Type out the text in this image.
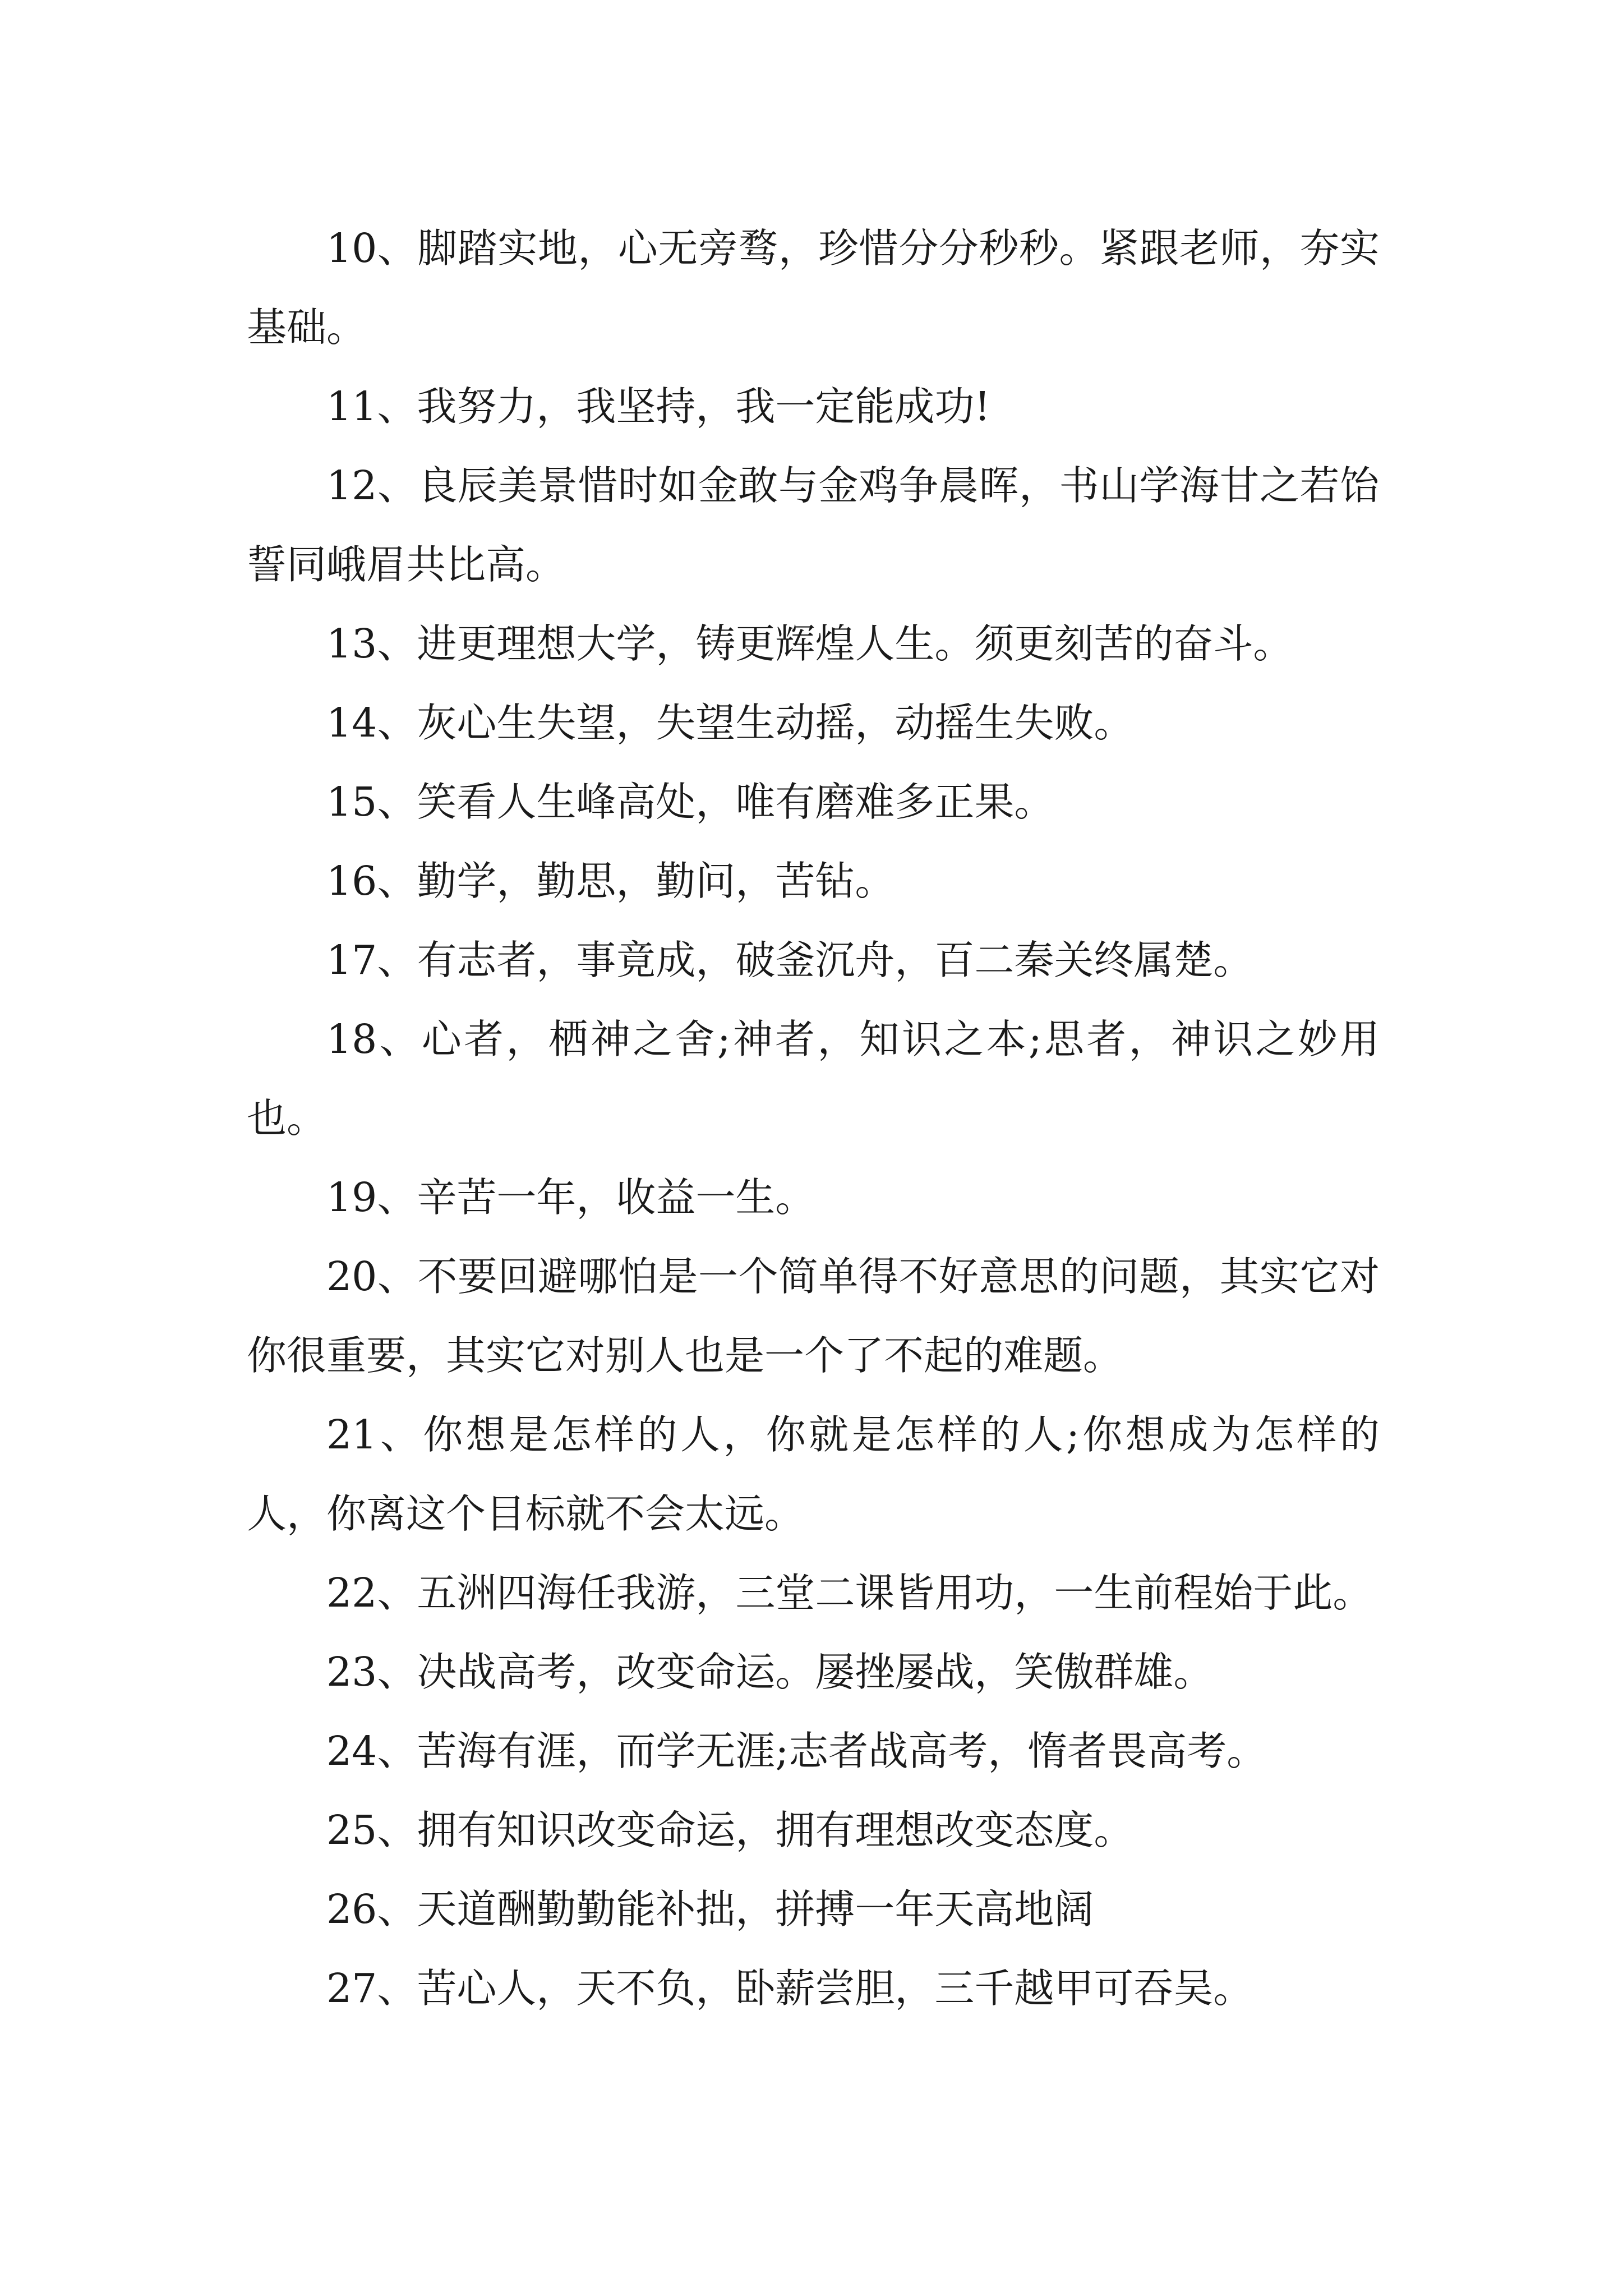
10、脚踏实地，心无旁骛，珍惜分分秒秒。紧跟老师，夯实基础。

11、我努力，我坚持，我一定能成功!

12、良辰美景惜时如金敢与金鸡争晨晖，书山学海甘之若饴誓同峨眉共比高。

13、进更理想大学，铸更辉煌人生。须更刻苦的奋斗。

14、灰心生失望，失望生动摇，动摇生失败。

15、笑看人生峰高处，唯有磨难多正果。

16、勤学，勤思，勤问，苦钻。

17、有志者，事竟成，破釜沉舟，百二秦关终属楚。

18、心者，栖神之舍;神者，知识之本;思者，神识之妙用也。

19、辛苦一年，收益一生。

20、不要回避哪怕是一个简单得不好意思的问题，其实它对你很重要，其实它对别人也是一个了不起的难题。

21、你想是怎样的人，你就是怎样的人;你想成为怎样的人，你离这个目标就不会太远。

22、五洲四海任我游，三堂二课皆用功，一生前程始于此。

23、决战高考，改变命运。屡挫屡战，笑傲群雄。

24、苦海有涯，而学无涯;志者战高考，惰者畏高考。

25、拥有知识改变命运，拥有理想改变态度。

26、天道酬勤勤能补拙，拼搏一年天高地阔

27、苦心人，天不负，卧薪尝胆，三千越甲可吞吴。
